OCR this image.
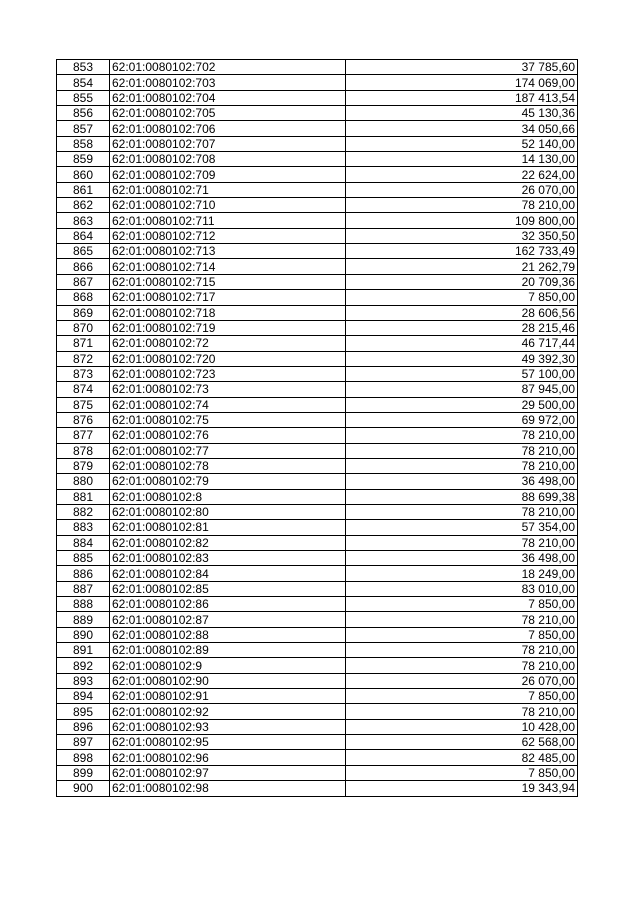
853	62:01:0080102:702	37 785,60
854	62:01:0080102:703	174 069,00
855	62:01:0080102:704	187 413,54
856	62:01:0080102:705	45 130,36
857	62:01:0080102:706	34 050,66
858	62:01:0080102:707	52 140,00
859	62:01:0080102:708	14 130,00
860	62:01:0080102:709	22 624,00
861	62:01:0080102:71	26 070,00
862	62:01:0080102:710	78 210,00
863	62:01:0080102:711	109 800,00
864	62:01:0080102:712	32 350,50
865	62:01:0080102:713	162 733,49
866	62:01:0080102:714	21 262,79
867	62:01:0080102:715	20 709,36
868	62:01:0080102:717	7 850,00
869	62:01:0080102:718	28 606,56
870	62:01:0080102:719	28 215,46
871	62:01:0080102:72	46 717,44
872	62:01:0080102:720	49 392,30
873	62:01:0080102:723	57 100,00
874	62:01:0080102:73	87 945,00
875	62:01:0080102:74	29 500,00
876	62:01:0080102:75	69 972,00
877	62:01:0080102:76	78 210,00
878	62:01:0080102:77	78 210,00
879	62:01:0080102:78	78 210,00
880	62:01:0080102:79	36 498,00
881	62:01:0080102:8	88 699,38
882	62:01:0080102:80	78 210,00
883	62:01:0080102:81	57 354,00
884	62:01:0080102:82	78 210,00
885	62:01:0080102:83	36 498,00
886	62:01:0080102:84	18 249,00
887	62:01:0080102:85	83 010,00
888	62:01:0080102:86	7 850,00
889	62:01:0080102:87	78 210,00
890	62:01:0080102:88	7 850,00
891	62:01:0080102:89	78 210,00
892	62:01:0080102:9	78 210,00
893	62:01:0080102:90	26 070,00
894	62:01:0080102:91	7 850,00
895	62:01:0080102:92	78 210,00
896	62:01:0080102:93	10 428,00
897	62:01:0080102:95	62 568,00
898	62:01:0080102:96	82 485,00
899	62:01:0080102:97	7 850,00
900	62:01:0080102:98	19 343,94
